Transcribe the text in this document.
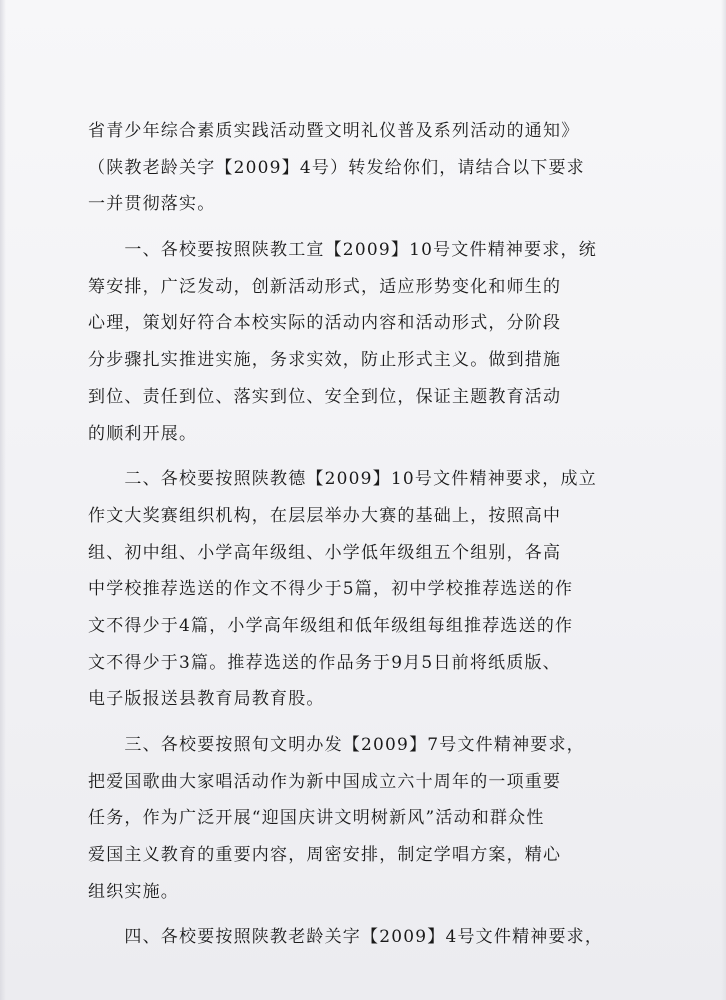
省青少年综合素质实践活动暨文明礼仪普及系列活动的通知》
（陕教老龄关字【2009】4号）转发给你们，请结合以下要求
一并贯彻落实。
　　一、各校要按照陕教工宣【2009】10号文件精神要求，统
筹安排，广泛发动，创新活动形式，适应形势变化和师生的
心理，策划好符合本校实际的活动内容和活动形式，分阶段
分步骤扎实推进实施，务求实效，防止形式主义。做到措施
到位、责任到位、落实到位、安全到位，保证主题教育活动
的顺利开展。
　　二、各校要按照陕教德【2009】10号文件精神要求，成立
作文大奖赛组织机构，在层层举办大赛的基础上，按照高中
组、初中组、小学高年级组、小学低年级组五个组别，各高
中学校推荐选送的作文不得少于5篇，初中学校推荐选送的作
文不得少于4篇，小学高年级组和低年级组每组推荐选送的作
文不得少于3篇。推荐选送的作品务于9月5日前将纸质版、
电子版报送县教育局教育股。
　　三、各校要按照旬文明办发【2009】7号文件精神要求，
把爱国歌曲大家唱活动作为新中国成立六十周年的一项重要
任务，作为广泛开展“迎国庆讲文明树新风”活动和群众性
爱国主义教育的重要内容，周密安排，制定学唱方案，精心
组织实施。
　　四、各校要按照陕教老龄关字【2009】4号文件精神要求，
